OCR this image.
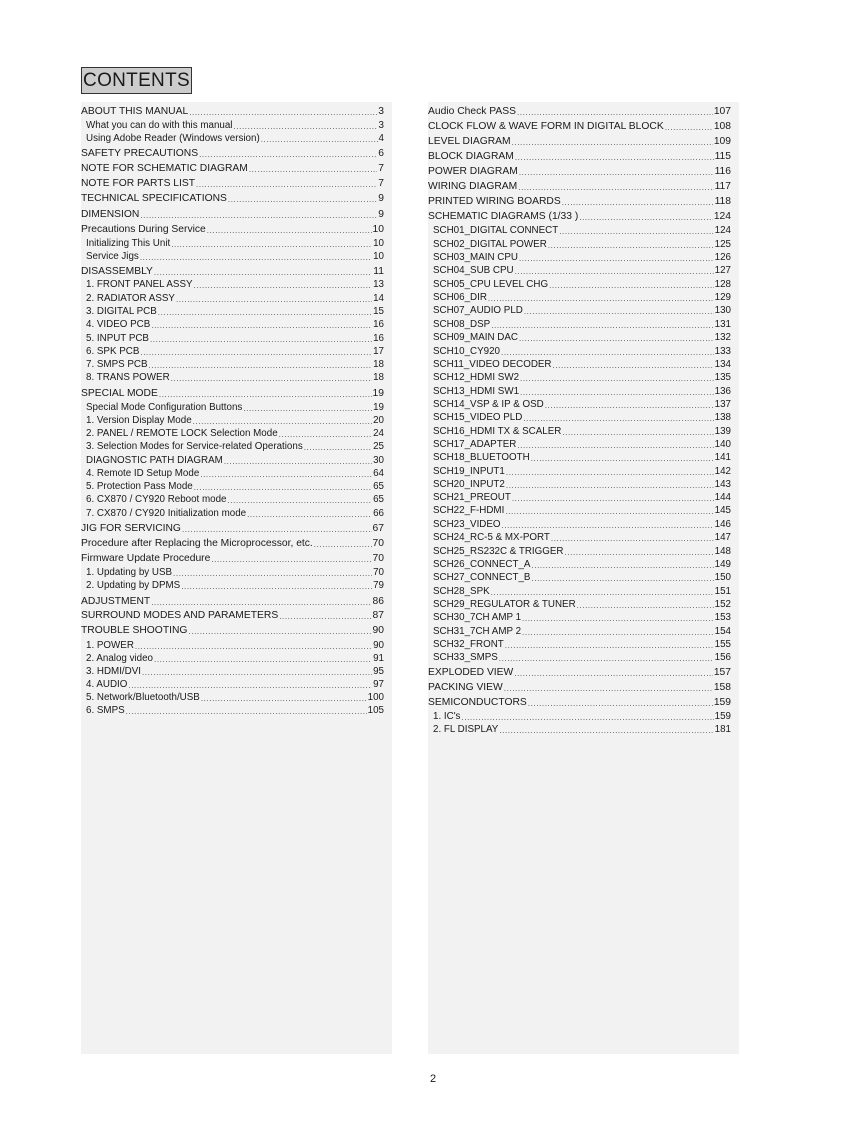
CONTENTS
ABOUT THIS MANUAL .....	3
What you can do with this manual .....	3
Using Adobe Reader (Windows version) .....	4
SAFETY PRECAUTIONS .....	6
NOTE FOR SCHEMATIC DIAGRAM .....	7
NOTE FOR PARTS LIST .....	7
TECHNICAL SPECIFICATIONS .....	9
DIMENSION .....	9
Precautions During Service .....	10
Initializing This Unit .....	10
Service Jigs .....	10
DISASSEMBLY .....	11
1. FRONT PANEL ASSY .....	13
2. RADIATOR ASSY .....	14
3. DIGITAL PCB .....	15
4. VIDEO PCB .....	16
5. INPUT PCB .....	16
6. SPK PCB .....	17
7. SMPS PCB .....	18
8. TRANS POWER .....	18
SPECIAL MODE .....	19
Special Mode Configuration Buttons .....	19
1. Version Display Mode .....	20
2. PANEL / REMOTE LOCK Selection Mode .....	24
3. Selection Modes for Service-related Operations .....	25
DIAGNOSTIC PATH DIAGRAM .....	30
4. Remote ID Setup Mode .....	64
5. Protection Pass Mode .....	65
6. CX870 / CY920 Reboot mode .....	65
7. CX870 / CY920 Initialization mode .....	66
JIG FOR SERVICING .....	67
Procedure after Replacing the Microprocessor, etc. .....	70
Firmware Update Procedure .....	70
1. Updating by USB .....	70
2. Updating by DPMS .....	79
ADJUSTMENT .....	86
SURROUND MODES AND PARAMETERS .....	87
TROUBLE SHOOTING .....	90
1. POWER .....	90
2. Analog video .....	91
3. HDMI/DVI .....	95
4. AUDIO .....	97
5. Network/Bluetooth/USB .....	100
6. SMPS .....	105
Audio Check PASS .....	107
CLOCK FLOW & WAVE FORM IN DIGITAL BLOCK .....	108
LEVEL DIAGRAM .....	109
BLOCK DIAGRAM .....	115
POWER DIAGRAM .....	116
WIRING DIAGRAM .....	117
PRINTED WIRING BOARDS .....	118
SCHEMATIC DIAGRAMS (1/33 ) .....	124
SCH01_DIGITAL CONNECT .....	124
SCH02_DIGITAL POWER .....	125
SCH03_MAIN CPU .....	126
SCH04_SUB CPU .....	127
SCH05_CPU LEVEL CHG .....	128
SCH06_DIR .....	129
SCH07_AUDIO PLD .....	130
SCH08_DSP .....	131
SCH09_MAIN DAC .....	132
SCH10_CY920 .....	133
SCH11_VIDEO DECODER .....	134
SCH12_HDMI SW2 .....	135
SCH13_HDMI SW1 .....	136
SCH14_VSP & IP & OSD .....	137
SCH15_VIDEO PLD .....	138
SCH16_HDMI TX & SCALER .....	139
SCH17_ADAPTER .....	140
SCH18_BLUETOOTH .....	141
SCH19_INPUT1 .....	142
SCH20_INPUT2 .....	143
SCH21_PREOUT .....	144
SCH22_F-HDMI .....	145
SCH23_VIDEO .....	146
SCH24_RC-5 & MX-PORT .....	147
SCH25_RS232C & TRIGGER .....	148
SCH26_CONNECT_A .....	149
SCH27_CONNECT_B .....	150
SCH28_SPK .....	151
SCH29_REGULATOR & TUNER .....	152
SCH30_7CH AMP 1 .....	153
SCH31_7CH AMP 2 .....	154
SCH32_FRONT .....	155
SCH33_SMPS .....	156
EXPLODED VIEW .....	157
PACKING VIEW .....	158
SEMICONDUCTORS .....	159
1. IC's .....	159
2. FL DISPLAY .....	181
2
